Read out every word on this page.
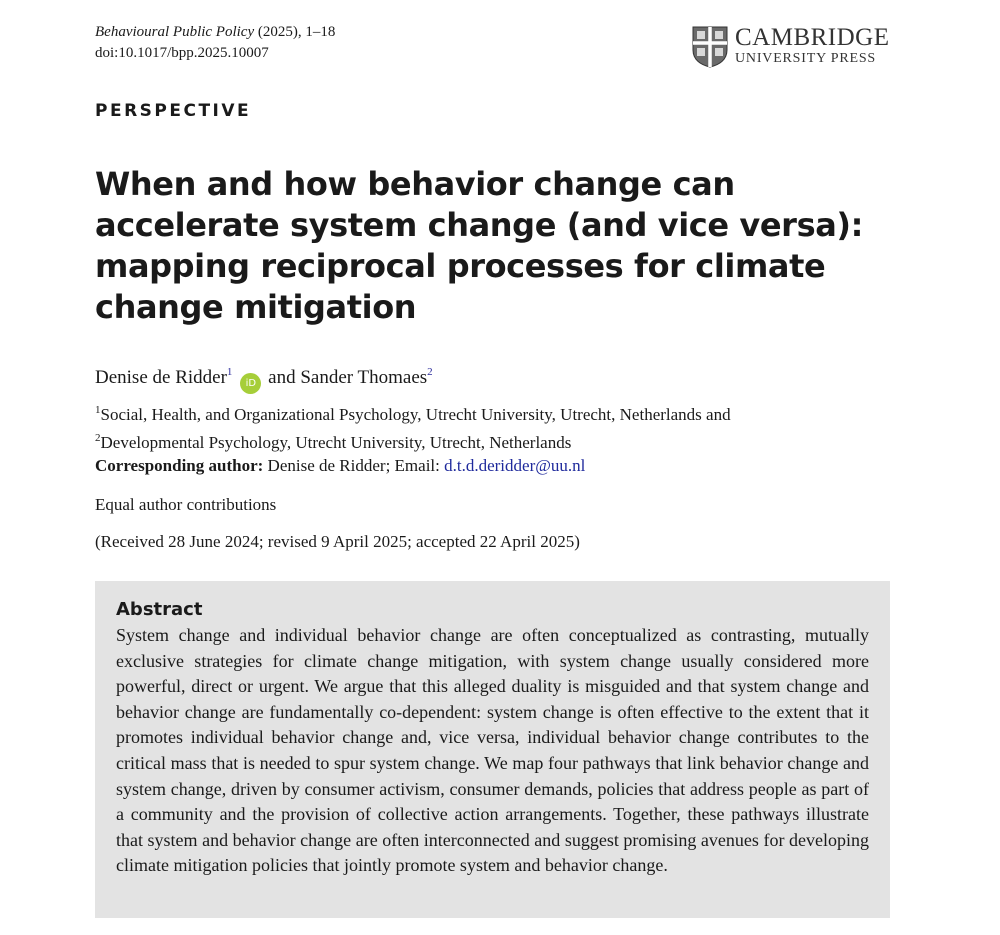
Behavioural Public Policy (2025), 1–18
doi:10.1017/bpp.2025.10007
CAMBRIDGE
UNIVERSITY PRESS
PERSPECTIVE
When and how behavior change can accelerate system change (and vice versa): mapping reciprocal processes for climate change mitigation
Denise de Ridder$^1$iD and Sander Thomaes$^2$
$^1$Social, Health, and Organizational Psychology, Utrecht University, Utrecht, Netherlands and
$^2$Developmental Psychology, Utrecht University, Utrecht, Netherlands
Corresponding author: Denise de Ridder; Email: d.t.d.deridder@uu.nl
Equal author contributions
(Received 28 June 2024; revised 9 April 2025; accepted 22 April 2025)
Abstract

System change and individual behavior change are often conceptualized as contrasting, mutually exclusive strategies for climate change mitigation, with system change usually considered more powerful, direct or urgent. We argue that this alleged duality is misguided and that system change and behavior change are fundamentally co-dependent: system change is often effective to the extent that it promotes individual behavior change and, vice versa, individual behavior change contributes to the critical mass that is needed to spur system change. We map four pathways that link behavior change and system change, driven by consumer activism, consumer demands, policies that address people as part of a community and the provision of collective action arrangements. Together, these pathways illustrate that system and behavior change are often interconnected and suggest promising avenues for developing climate mitigation policies that jointly promote system and behavior change.
